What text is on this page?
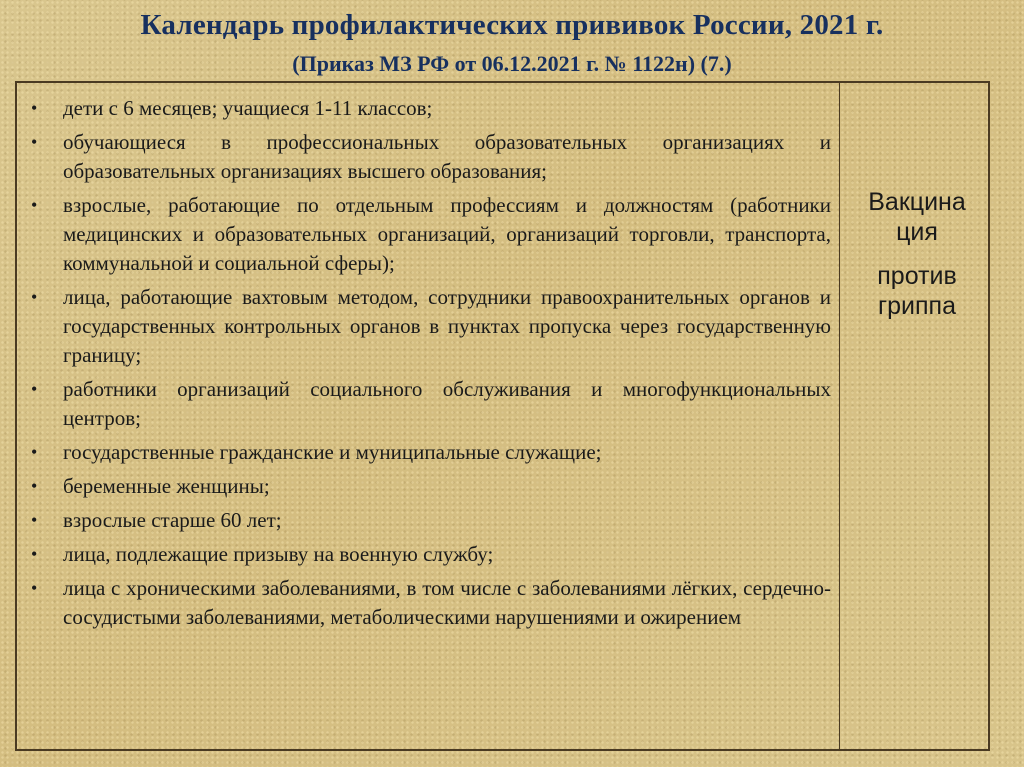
Календарь профилактических прививок России, 2021 г.
(Приказ МЗ РФ от 06.12.2021 г. № 1122н) (7.)
• дети с 6 месяцев; учащиеся 1-11 классов;
• обучающиеся в профессиональных образовательных организациях и образовательных организациях высшего образования;
• взрослые, работающие по отдельным профессиям и должностям (работники медицинских и образовательных организаций, организаций торговли, транспорта, коммунальной и социальной сферы);
• лица, работающие вахтовым методом, сотрудники правоохранительных органов и государственных контрольных органов в пунктах пропуска через государственную границу;
• работники организаций социального обслуживания и многофункциональных центров;
• государственные гражданские и муниципальные служащие;
• беременные женщины;
• взрослые старше 60 лет;
• лица, подлежащие призыву на военную службу;
• лица с хроническими заболеваниями, в том числе с заболеваниями лёгких, сердечно-сосудистыми заболеваниями, метаболическими нарушениями и ожирением
Вакцина
ция
против
гриппа
